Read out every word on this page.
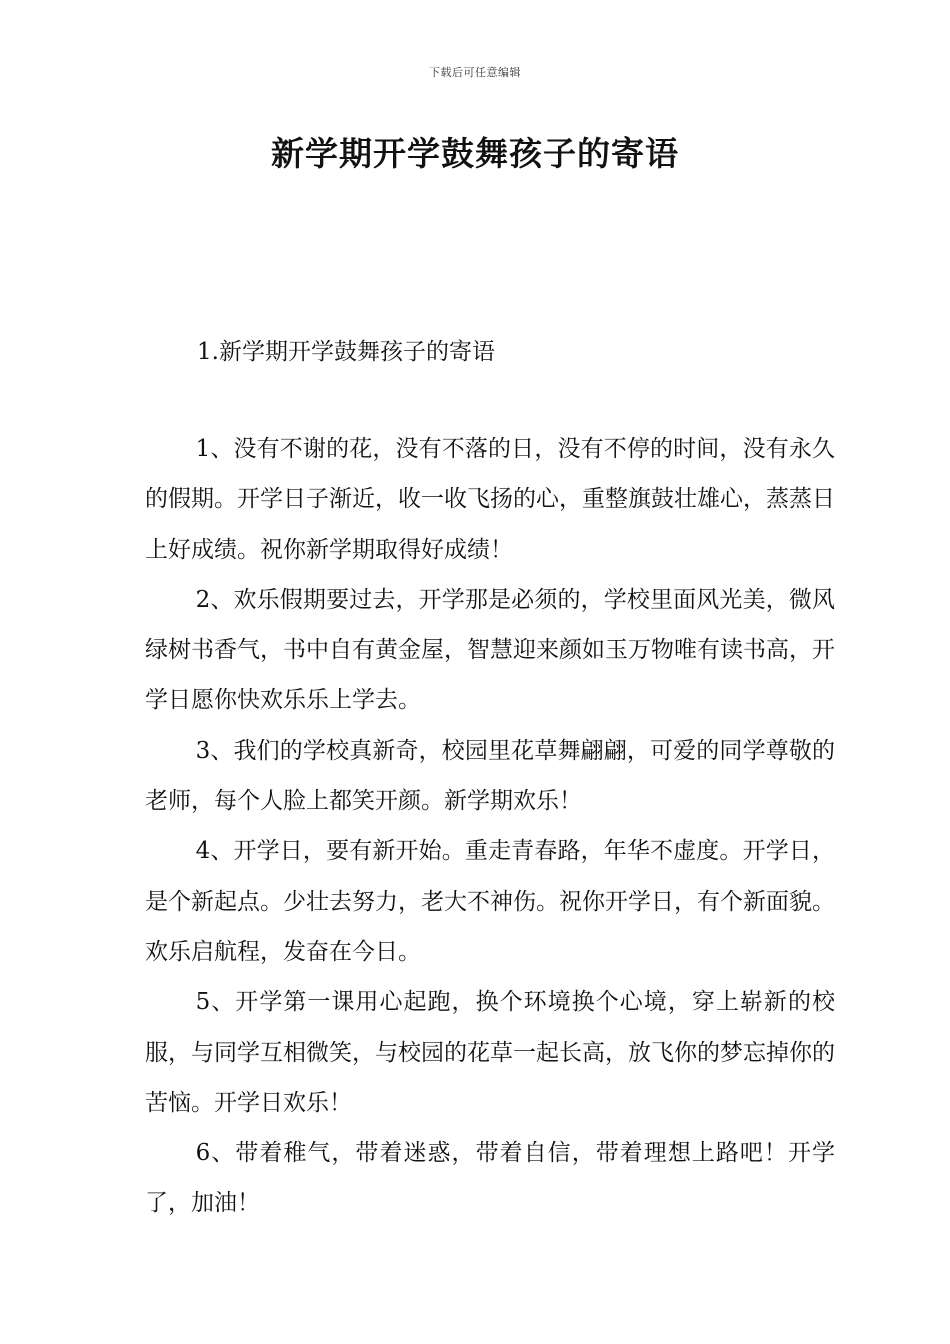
下载后可任意编辑
新学期开学鼓舞孩子的寄语
1.新学期开学鼓舞孩子的寄语

1、没有不谢的花，没有不落的日，没有不停的时间，没有永久的假期。开学日子渐近，收一收飞扬的心，重整旗鼓壮雄心，蒸蒸日上好成绩。祝你新学期取得好成绩！

2、欢乐假期要过去，开学那是必须的，学校里面风光美，微风绿树书香气，书中自有黄金屋，智慧迎来颜如玉万物唯有读书高，开学日愿你快欢乐乐上学去。

3、我们的学校真新奇，校园里花草舞翩翩，可爱的同学尊敬的老师，每个人脸上都笑开颜。新学期欢乐！

4、开学日，要有新开始。重走青春路，年华不虚度。开学日，是个新起点。少壮去努力，老大不神伤。祝你开学日，有个新面貌。欢乐启航程，发奋在今日。

5、开学第一课用心起跑，换个环境换个心境，穿上崭新的校服，与同学互相微笑，与校园的花草一起长高，放飞你的梦忘掉你的苦恼。开学日欢乐！

6、带着稚气，带着迷惑，带着自信，带着理想上路吧！开学了，加油！
